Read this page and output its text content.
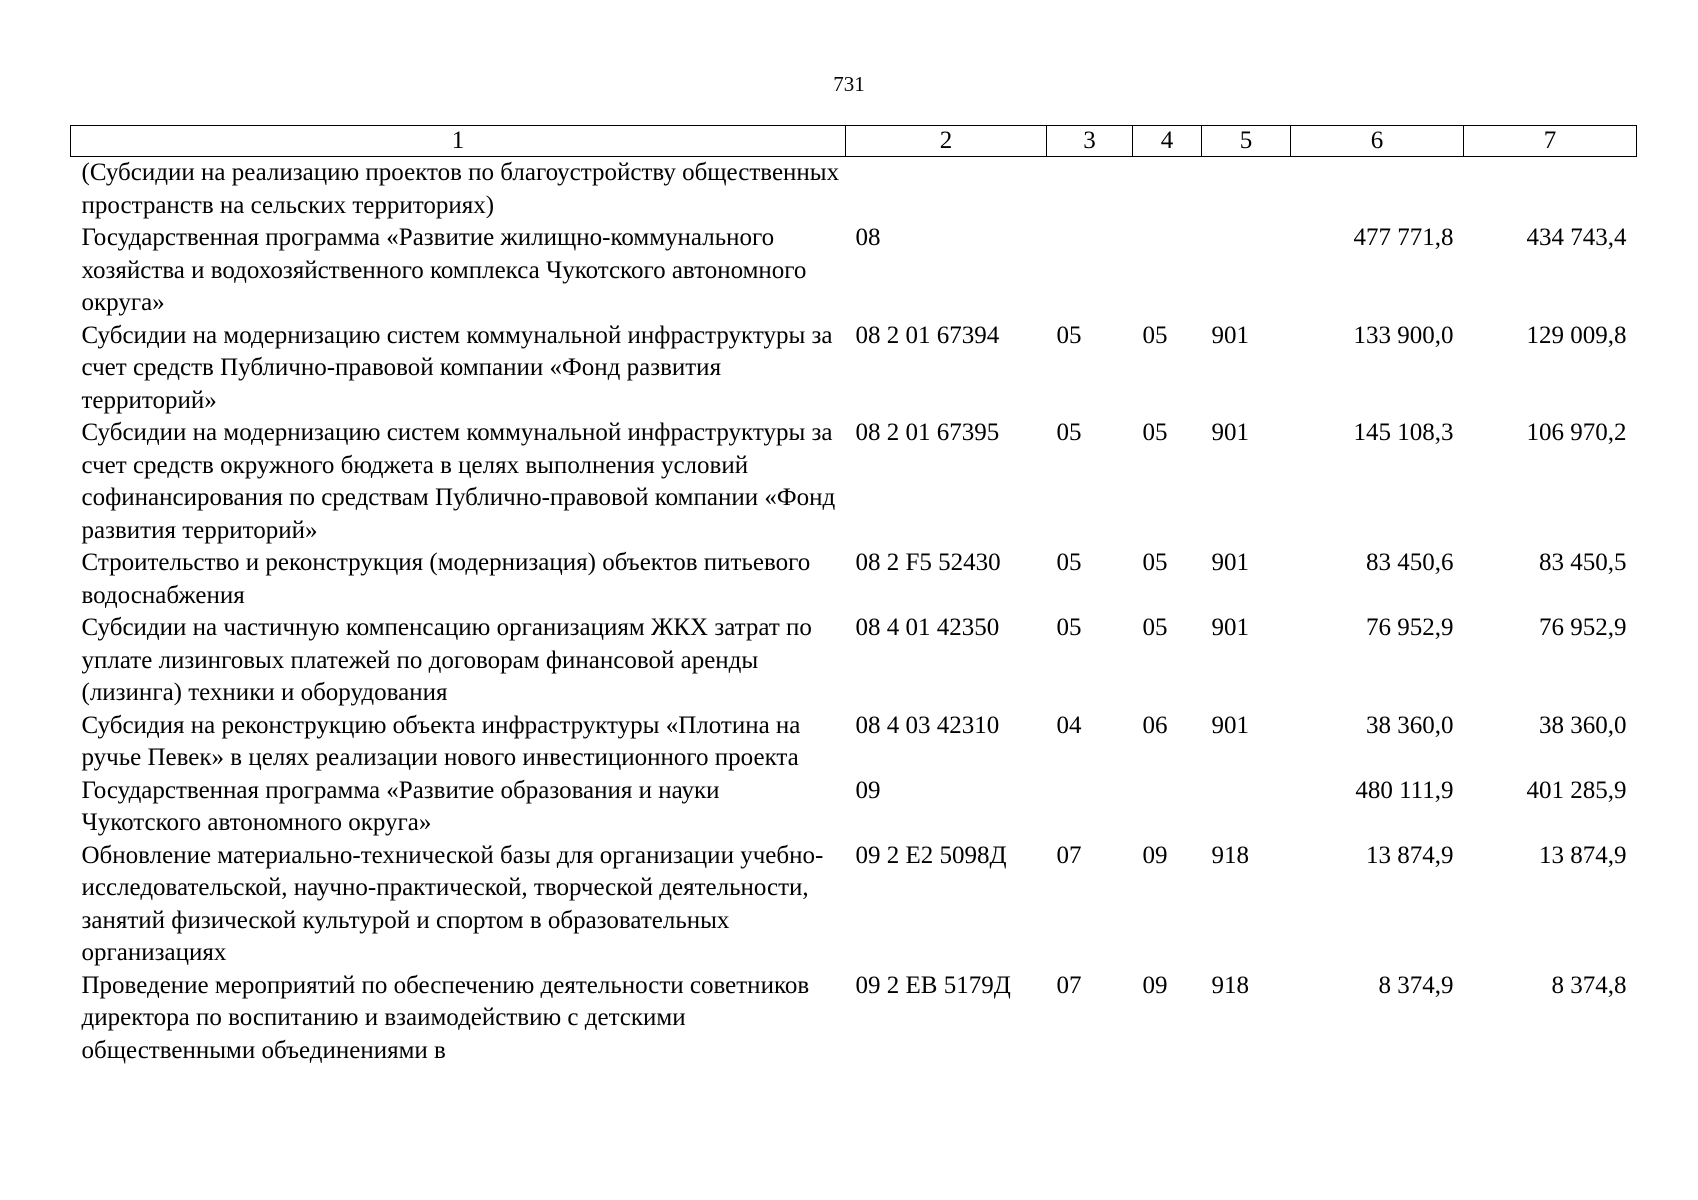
731
1	2	3	4	5	6	7
(Субсидии на реализацию проектов по благоустройству общественных пространств на сельских территориях)						
Государственная программа «Развитие жилищно-коммунального хозяйства и водохозяйственного комплекса Чукотского автономного округа»	08				477 771,8	434 743,4
Субсидии на модернизацию систем коммунальной инфраструктуры за счет средств Публично-правовой компании «Фонд развития территорий»	08 2 01 67394	05	05	901	133 900,0	129 009,8
Субсидии на модернизацию систем коммунальной инфраструктуры за счет средств окружного бюджета в целях выполнения условий софинансирования по средствам Публично-правовой компании «Фонд развития территорий»	08 2 01 67395	05	05	901	145 108,3	106 970,2
Строительство и реконструкция (модернизация) объектов питьевого водоснабжения	08 2 F5 52430	05	05	901	83 450,6	83 450,5
Субсидии на частичную компенсацию организациям ЖКХ затрат по уплате лизинговых платежей по договорам финансовой аренды (лизинга) техники и оборудования	08 4 01 42350	05	05	901	76 952,9	76 952,9
Субсидия на реконструкцию объекта инфраструктуры «Плотина на ручье Певек» в целях реализации нового инвестиционного проекта	08 4 03 42310	04	06	901	38 360,0	38 360,0
Государственная программа «Развитие образования и науки Чукотского автономного округа»	09				480 111,9	401 285,9
Обновление материально-технической базы для организации учебно-исследовательской, научно-практической, творческой деятельности, занятий физической культурой и спортом в образовательных организациях	09 2 E2 5098Д	07	09	918	13 874,9	13 874,9
Проведение мероприятий по обеспечению деятельности советников директора по воспитанию и взаимодействию с детскими общественными объединениями в	09 2 EВ 5179Д	07	09	918	8 374,9	8 374,8
